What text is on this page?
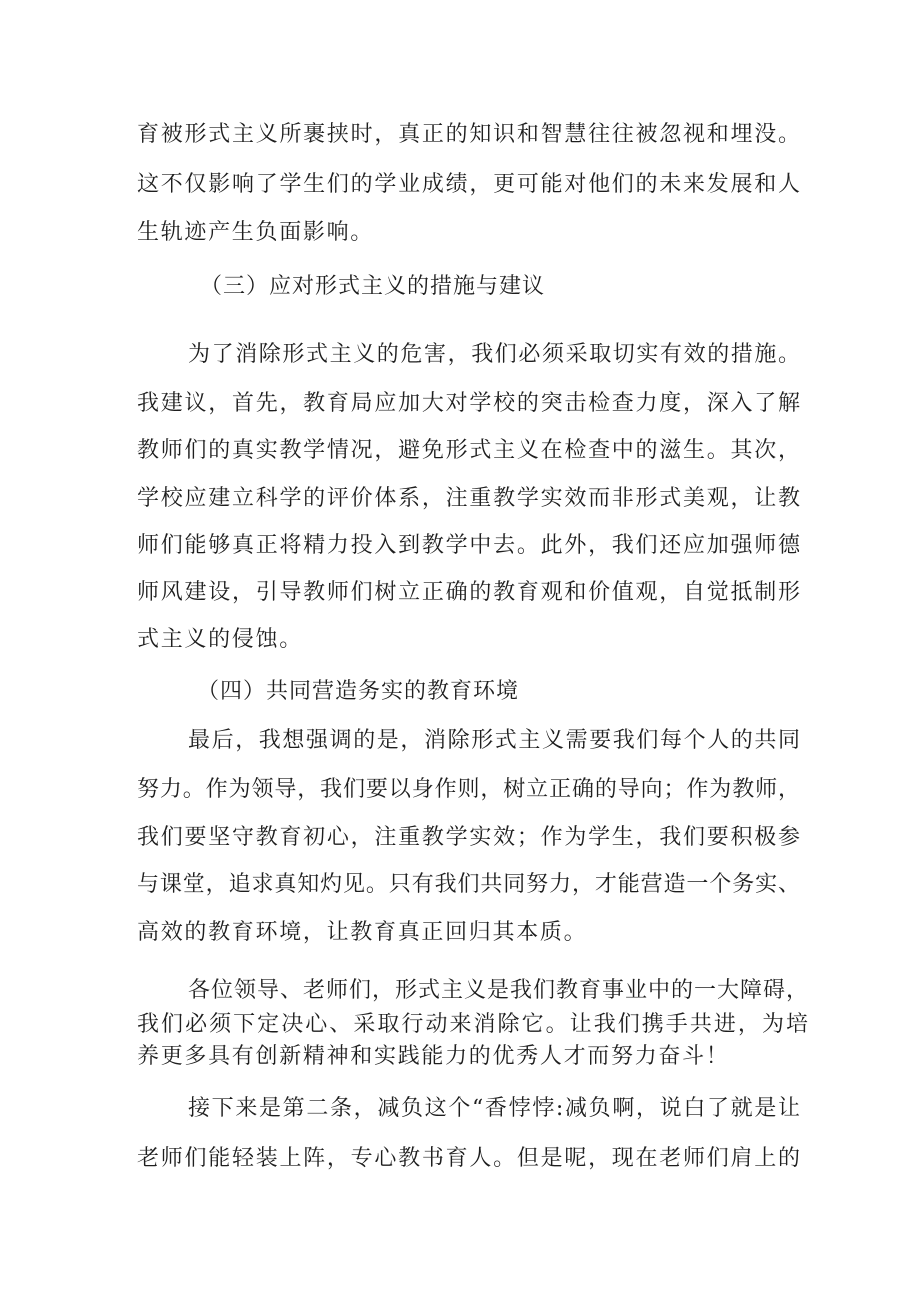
育被形式主义所裹挟时，真正的知识和智慧往往被忽视和埋没。
这不仅影响了学生们的学业成绩，更可能对他们的未来发展和人
生轨迹产生负面影响。
（三）应对形式主义的措施与建议
为了消除形式主义的危害，我们必须采取切实有效的措施。
我建议，首先，教育局应加大对学校的突击检查力度，深入了解
教师们的真实教学情况，避免形式主义在检查中的滋生。其次，
学校应建立科学的评价体系，注重教学实效而非形式美观，让教
师们能够真正将精力投入到教学中去。此外，我们还应加强师德
师风建设，引导教师们树立正确的教育观和价值观，自觉抵制形
式主义的侵蚀。
（四）共同营造务实的教育环境
最后，我想强调的是，消除形式主义需要我们每个人的共同
努力。作为领导，我们要以身作则，树立正确的导向；作为教师，
我们要坚守教育初心，注重教学实效；作为学生，我们要积极参
与课堂，追求真知灼见。只有我们共同努力，才能营造一个务实、
高效的教育环境，让教育真正回归其本质。
各位领导、老师们，形式主义是我们教育事业中的一大障碍，
我们必须下定决心、采取行动来消除它。让我们携手共进，为培
养更多具有创新精神和实践能力的优秀人才而努力奋斗！
接下来是第二条，减负这个“香悖悖:减负啊，说白了就是让
老师们能轻装上阵，专心教书育人。但是呢，现在老师们肩上的
